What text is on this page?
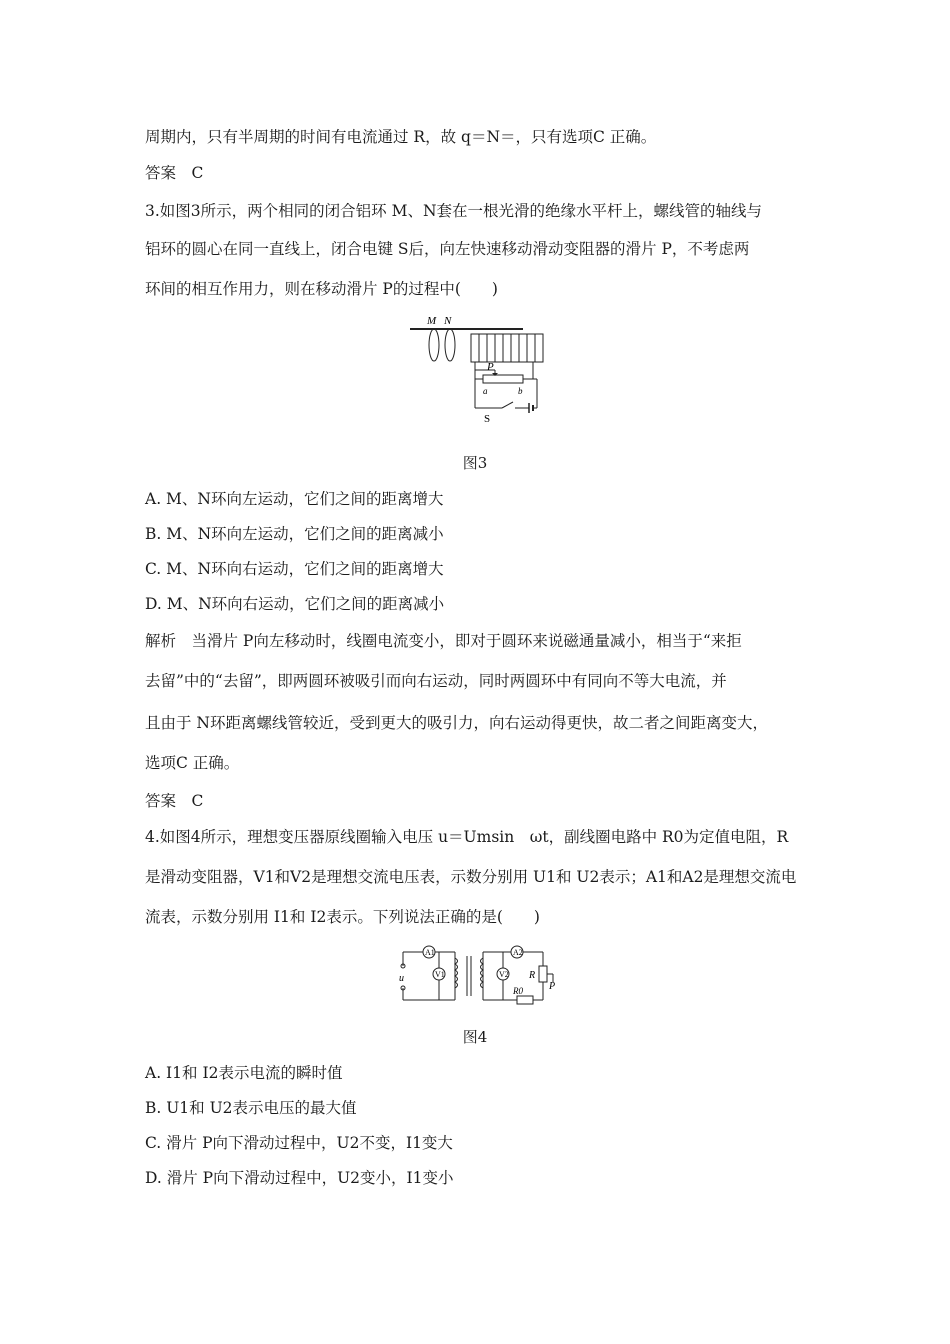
周期内，只有半周期的时间有电流通过 R，故 q＝N＝，只有选项C 正确。
答案　C
3.如图3所示，两个相同的闭合铝环 M、N套在一根光滑的绝缘水平杆上，螺线管的轴线与
铝环的圆心在同一直线上，闭合电键 S后，向左快速移动滑动变阻器的滑片 P，不考虑两
环间的相互作用力，则在移动滑片 P的过程中(　　)
M N
P
a	b
S
图3
A. M、N环向左运动，它们之间的距离增大
B. M、N环向左运动，它们之间的距离减小
C. M、N环向右运动，它们之间的距离增大
D. M、N环向右运动，它们之间的距离减小
解析　当滑片 P向左移动时，线圈电流变小，即对于圆环来说磁通量减小，相当于“来拒
去留”中的“去留”，即两圆环被吸引而向右运动，同时两圆环中有同向不等大电流，并
且由于 N环距离螺线管较近，受到更大的吸引力，向右运动得更快，故二者之间距离变大，
选项C 正确。
答案　C
4.如图4所示，理想变压器原线圈输入电压 u＝Umsin　ωt，副线圈电路中 R0为定值电阻，R
是滑动变阻器，V1和V2是理想交流电压表，示数分别用 U1和 U2表示；A1和A2是理想交流电
流表，示数分别用 I1和 I2表示。下列说法正确的是(　　)
A1	A2
V1	V2
u	R
R0	P
图4
A. I1和 I2表示电流的瞬时值
B. U1和 U2表示电压的最大值
C. 滑片 P向下滑动过程中，U2不变，I1变大
D. 滑片 P向下滑动过程中，U2变小，I1变小
